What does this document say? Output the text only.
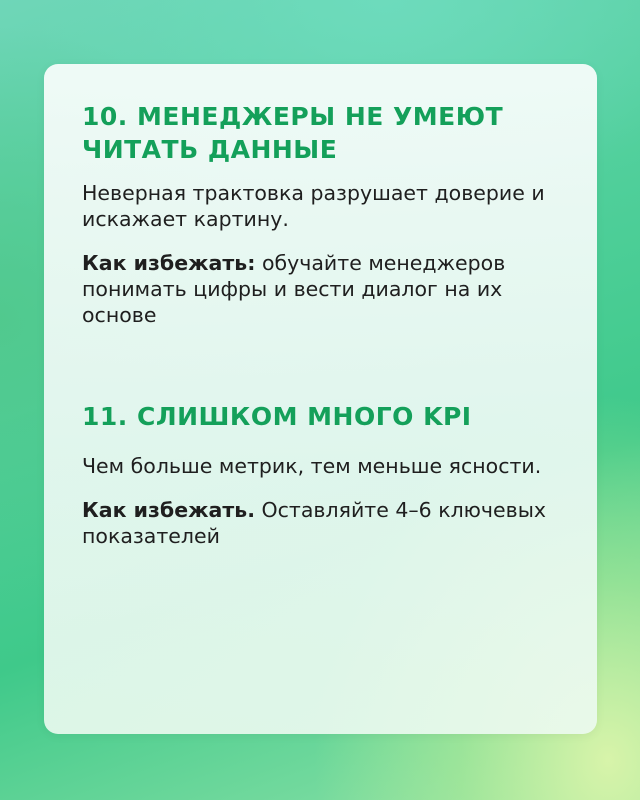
10. МЕНЕДЖЕРЫ НЕ УМЕЮТ ЧИТАТЬ ДАННЫЕ

Неверная трактовка разрушает доверие и искажает картину.

Как избежать: обучайте менеджеров понимать цифры и вести диалог на их основе

11. СЛИШКОМ МНОГО KPI

Чем больше метрик, тем меньше ясности.

Как избежать. Оставляйте 4–6 ключевых показателей
